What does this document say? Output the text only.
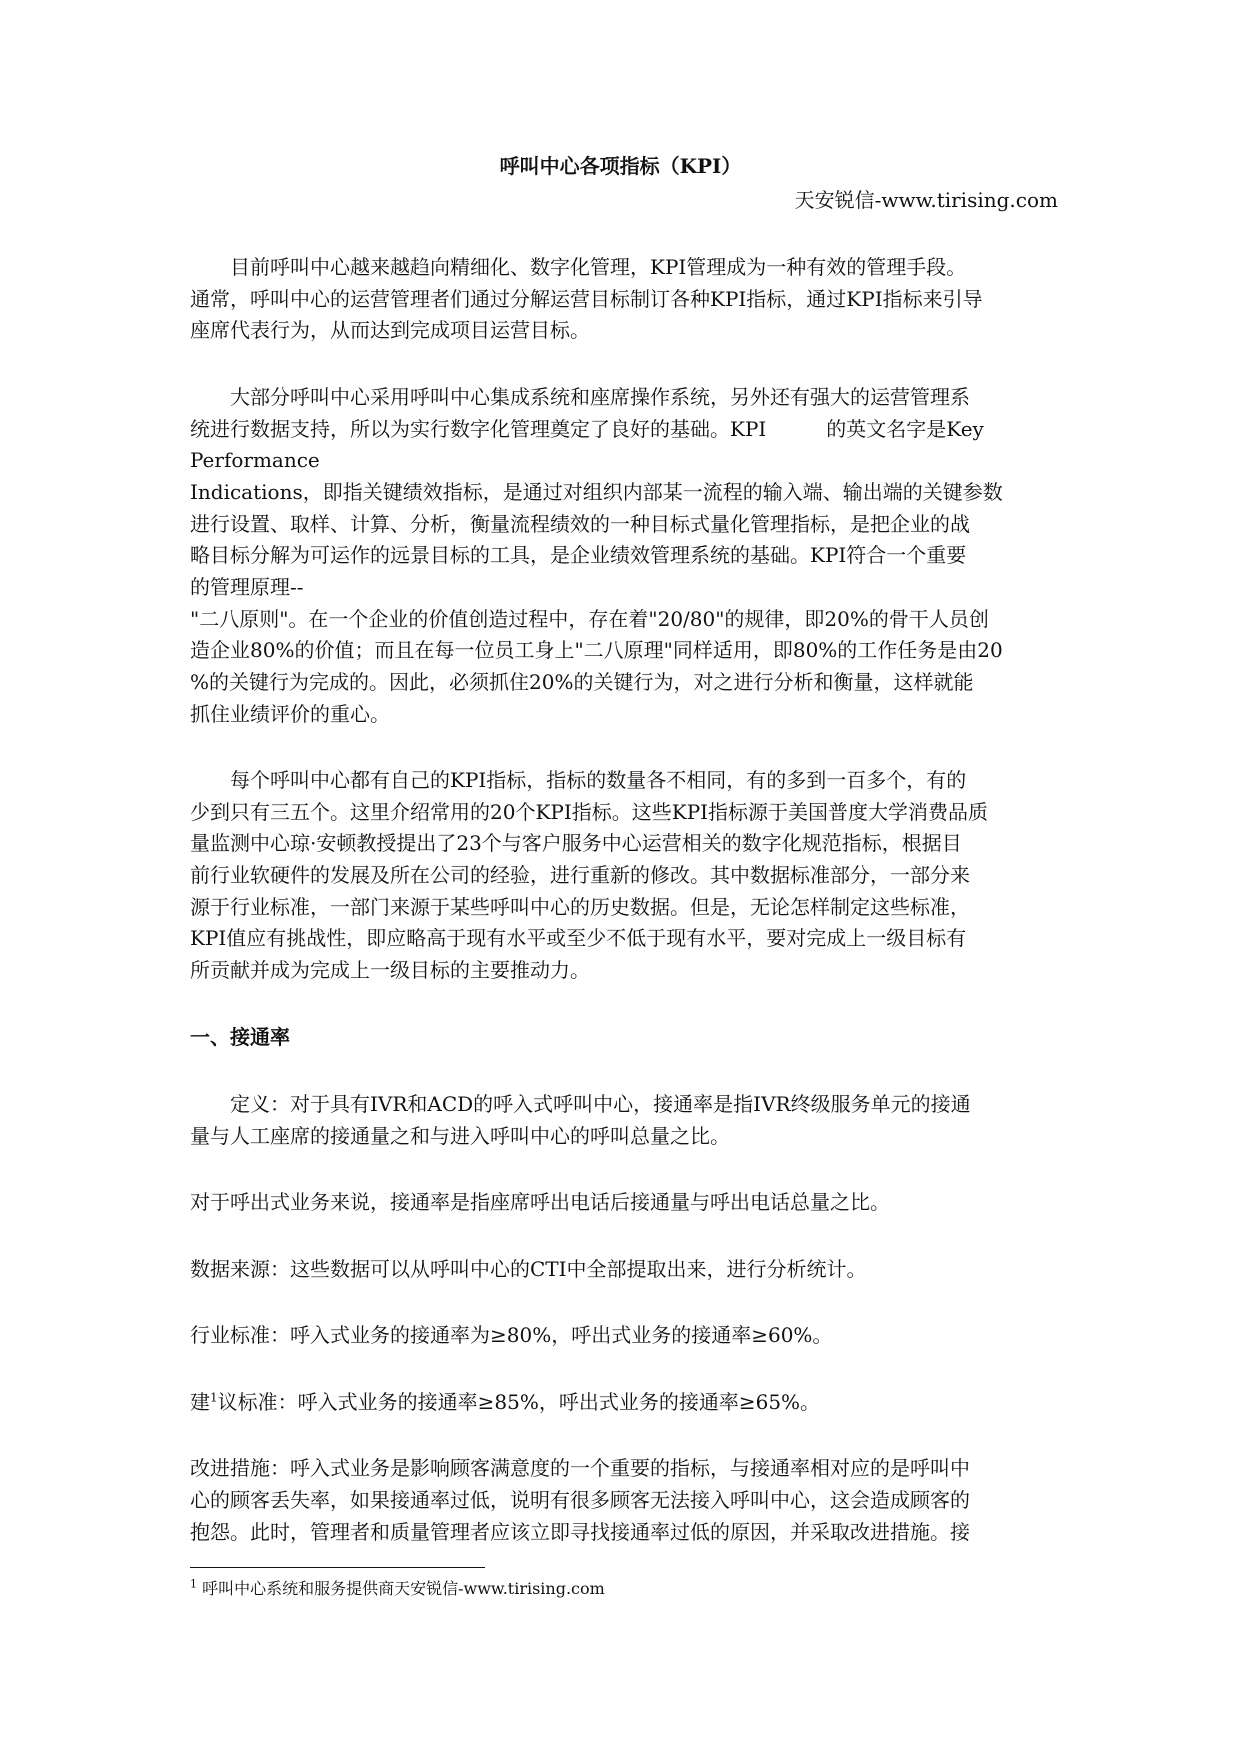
呼叫中心各项指标（KPI）
天安锐信-www.tirising.com
　　目前呼叫中心越来越趋向精细化、数字化管理，KPI管理成为一种有效的管理手段。
通常，呼叫中心的运营管理者们通过分解运营目标制订各种KPI指标，通过KPI指标来引导
座席代表行为，从而达到完成项目运营目标。
　　大部分呼叫中心采用呼叫中心集成系统和座席操作系统，另外还有强大的运营管理系
统进行数据支持，所以为实行数字化管理奠定了良好的基础。KPI　　　的英文名字是Key
Performance
Indications，即指关键绩效指标，是通过对组织内部某一流程的输入端、输出端的关键参数
进行设置、取样、计算、分析，衡量流程绩效的一种目标式量化管理指标，是把企业的战
略目标分解为可运作的远景目标的工具，是企业绩效管理系统的基础。KPI符合一个重要
的管理原理--
"二八原则"。在一个企业的价值创造过程中，存在着"20/80"的规律，即20%的骨干人员创
造企业80%的价值；而且在每一位员工身上"二八原理"同样适用，即80%的工作任务是由20
%的关键行为完成的。因此，必须抓住20%的关键行为，对之进行分析和衡量，这样就能
抓住业绩评价的重心。
　　每个呼叫中心都有自己的KPI指标，指标的数量各不相同，有的多到一百多个，有的
少到只有三五个。这里介绍常用的20个KPI指标。这些KPI指标源于美国普度大学消费品质
量监测中心琼·安顿教授提出了23个与客户服务中心运营相关的数字化规范指标，根据目
前行业软硬件的发展及所在公司的经验，进行重新的修改。其中数据标准部分，一部分来
源于行业标准，一部门来源于某些呼叫中心的历史数据。但是，无论怎样制定这些标准，
KPI值应有挑战性，即应略高于现有水平或至少不低于现有水平，要对完成上一级目标有
所贡献并成为完成上一级目标的主要推动力。
一、接通率
　　定义：对于具有IVR和ACD的呼入式呼叫中心，接通率是指IVR终级服务单元的接通
量与人工座席的接通量之和与进入呼叫中心的呼叫总量之比。
对于呼出式业务来说，接通率是指座席呼出电话后接通量与呼出电话总量之比。
数据来源：这些数据可以从呼叫中心的CTI中全部提取出来，进行分析统计。
行业标准：呼入式业务的接通率为≥80%，呼出式业务的接通率≥60%。
建$^1$议标准：呼入式业务的接通率≥85%，呼出式业务的接通率≥65%。
改进措施：呼入式业务是影响顾客满意度的一个重要的指标，与接通率相对应的是呼叫中
心的顾客丢失率，如果接通率过低，说明有很多顾客无法接入呼叫中心，这会造成顾客的
抱怨。此时，管理者和质量管理者应该立即寻找接通率过低的原因，并采取改进措施。接
$^1$ 呼叫中心系统和服务提供商天安锐信-www.tirising.com
